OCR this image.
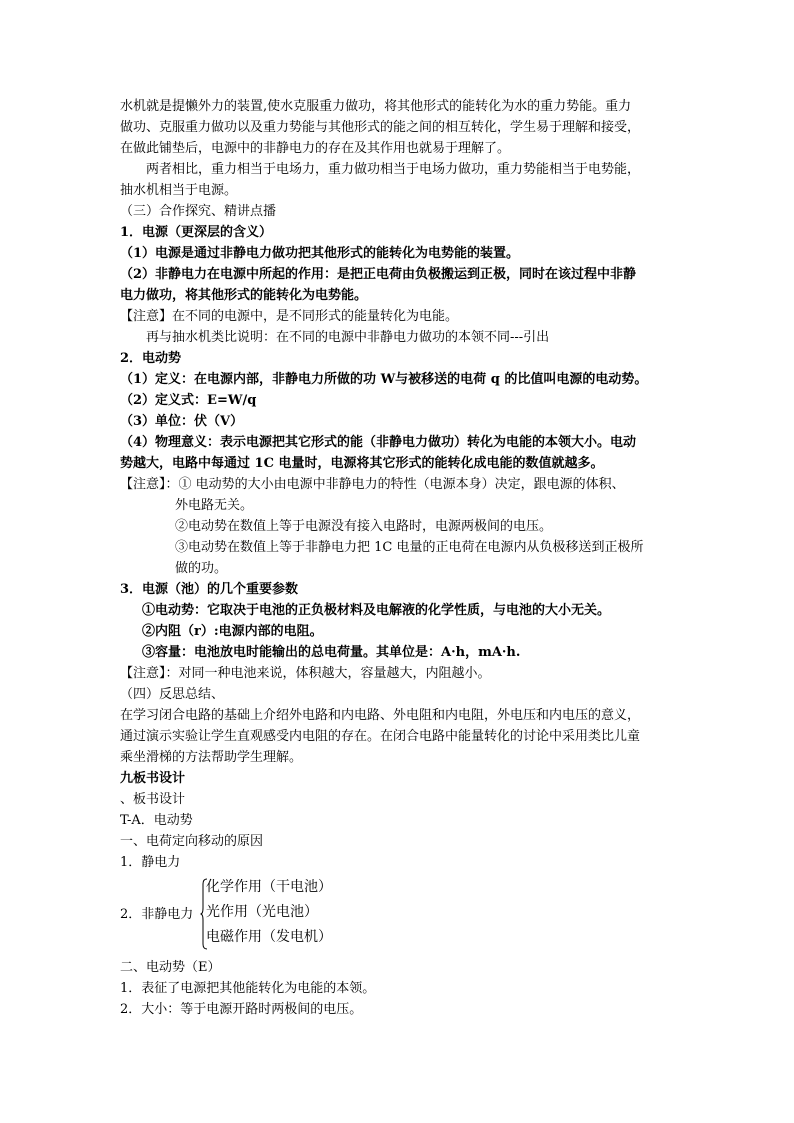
水机就是提懒外力的装置,使水克服重力做功，将其他形式的能转化为水的重力势能。重力
做功、克服重力做功以及重力势能与其他形式的能之间的相互转化，学生易于理解和接受，
在做此铺垫后，电源中的非静电力的存在及其作用也就易于理解了。
两者相比，重力相当于电场力，重力做功相当于电场力做功，重力势能相当于电势能，
抽水机相当于电源。
（三）合作探究、精讲点播
1．电源（更深层的含义）
（1）电源是通过非静电力做功把其他形式的能转化为电势能的装置。
（2）非静电力在电源中所起的作用：是把正电荷由负极搬运到正极，同时在该过程中非静
电力做功，将其他形式的能转化为电势能。
【注意】在不同的电源中，是不同形式的能量转化为电能。
再与抽水机类比说明：在不同的电源中非静电力做功的本领不同---引出
2．电动势
（1）定义：在电源内部，非静电力所做的功 W与被移送的电荷 q 的比值叫电源的电动势。
（2）定义式：E=W/q
（3）单位：伏（V）
（4）物理意义：表示电源把其它形式的能（非静电力做功）转化为电能的本领大小。电动
势越大，电路中每通过 1C 电量时，电源将其它形式的能转化成电能的数值就越多。
【注意】：① 电动势的大小由电源中非静电力的特性（电源本身）决定，跟电源的体积、
外电路无关。
②电动势在数值上等于电源没有接入电路时，电源两极间的电压。
③电动势在数值上等于非静电力把 1C 电量的正电荷在电源内从负极移送到正极所
做的功。
3．电源（池）的几个重要参数
①电动势：它取决于电池的正负极材料及电解液的化学性质，与电池的大小无关。
②内阻（r）:电源内部的电阻。
③容量：电池放电时能输出的总电荷量。其单位是：A·h，mA·h.
【注意】：对同一种电池来说，体积越大，容量越大，内阻越小。
（四）反思总结、
在学习闭合电路的基础上介绍外电路和内电路、外电阻和内电阻，外电压和内电压的意义，
通过演示实验让学生直观感受内电阻的存在。在闭合电路中能量转化的讨论中采用类比儿童
乘坐滑梯的方法帮助学生理解。
九板书设计
、板书设计
T-A．电动势
一、电荷定向移动的原因
1．静电力
2．非静电力
化学作用（干电池）
光作用（光电池）
电磁作用（发电机）
二、电动势（E）
1．表征了电源把其他能转化为电能的本领。
2．大小：等于电源开路时两极间的电压。
